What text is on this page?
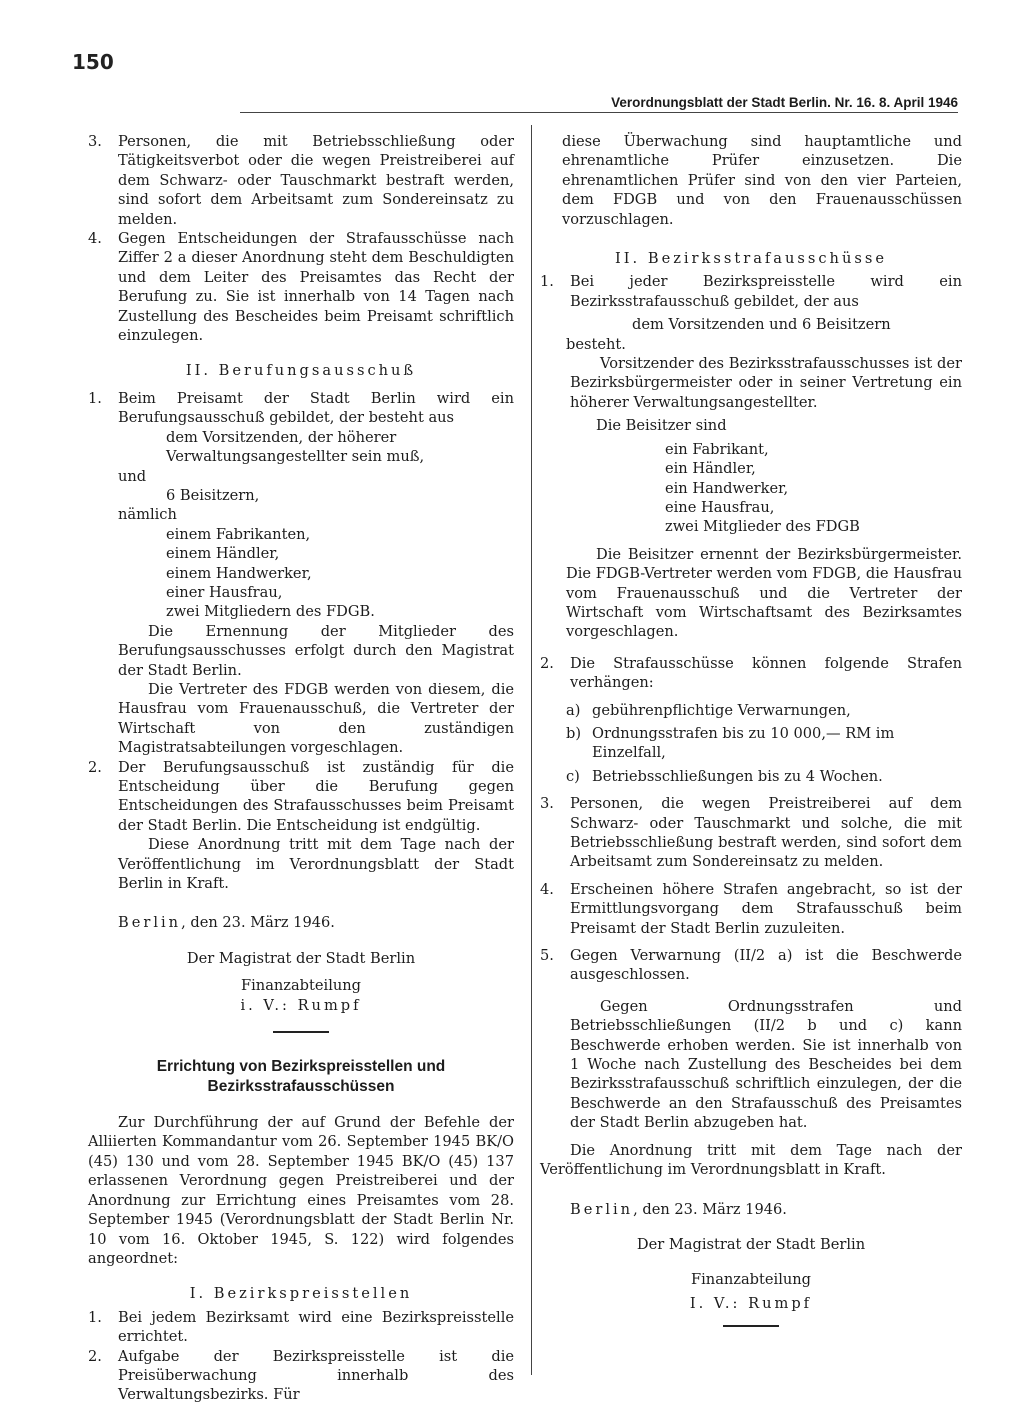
150
Verordnungsblatt der Stadt Berlin. Nr. 16. 8. April 1946
3. Personen, die mit Betriebsschließung oder Tätigkeitsverbot oder die wegen Preistreiberei auf dem Schwarz- oder Tauschmarkt bestraft werden, sind sofort dem Arbeitsamt zum Sondereinsatz zu melden.
4. Gegen Entscheidungen der Strafausschüsse nach Ziffer 2 a dieser Anordnung steht dem Beschuldigten und dem Leiter des Preisamtes das Recht der Berufung zu. Sie ist innerhalb von 14 Tagen nach Zustellung des Bescheides beim Preisamt schriftlich einzulegen.

II. Berufungsausschuß

1. Beim Preisamt der Stadt Berlin wird ein Berufungsausschuß gebildet, der besteht aus

dem Vorsitzenden, der höherer Verwaltungsangestellter sein muß,

und

6 Beisitzern,

nämlich

einem Fabrikanten,

einem Händler,

einem Handwerker,

einer Hausfrau,

zwei Mitgliedern des FDGB.

Die Ernennung der Mitglieder des Berufungsausschusses erfolgt durch den Magistrat der Stadt Berlin.

Die Vertreter des FDGB werden von diesem, die Hausfrau vom Frauenausschuß, die Vertreter der Wirtschaft von den zuständigen Magistratsabteilungen vorgeschlagen.

2. Der Berufungsausschuß ist zuständig für die Entscheidung über die Berufung gegen Entscheidungen des Strafausschusses beim Preisamt der Stadt Berlin. Die Entscheidung ist endgültig.

Diese Anordnung tritt mit dem Tage nach der Veröffentlichung im Verordnungsblatt der Stadt Berlin in Kraft.

Berlin, den 23. März 1946.

Der Magistrat der Stadt Berlin

Finanzabteilung

i. V.: Rumpf

Errichtung von Bezirkspreisstellen und Bezirksstrafausschüssen

Zur Durchführung der auf Grund der Befehle der Alliierten Kommandantur vom 26. September 1945 BK/O (45) 130 und vom 28. September 1945 BK/O (45) 137 erlassenen Verordnung gegen Preistreiberei und der Anordnung zur Errichtung eines Preisamtes vom 28. September 1945 (Verordnungsblatt der Stadt Berlin Nr. 10 vom 16. Oktober 1945, S. 122) wird folgendes angeordnet:

I. Bezirkspreisstellen

1. Bei jedem Bezirksamt wird eine Bezirkspreisstelle errichtet.
2. Aufgabe der Bezirkspreisstelle ist die Preisüberwachung innerhalb des Verwaltungsbezirks. Für

diese Überwachung sind hauptamtliche und ehrenamtliche Prüfer einzusetzen. Die ehrenamtlichen Prüfer sind von den vier Parteien, dem FDGB und von den Frauenausschüssen vorzuschlagen.

II. Bezirksstrafausschüsse

1. Bei jeder Bezirkspreisstelle wird ein Bezirksstrafausschuß gebildet, der aus

dem Vorsitzenden und 6 Beisitzern

besteht.

Vorsitzender des Bezirksstrafausschusses ist der Bezirksbürgermeister oder in seiner Vertretung ein höherer Verwaltungsangestellter.

Die Beisitzer sind

ein Fabrikant,

ein Händler,

ein Handwerker,

eine Hausfrau,

zwei Mitglieder des FDGB

Die Beisitzer ernennt der Bezirksbürgermeister. Die FDGB-Vertreter werden vom FDGB, die Hausfrau vom Frauenausschuß und die Vertreter der Wirtschaft vom Wirtschaftsamt des Bezirksamtes vorgeschlagen.

2. Die Strafausschüsse können folgende Strafen verhängen:

a) gebührenpflichtige Verwarnungen,

b) Ordnungsstrafen bis zu 10 000,— RM im Einzelfall,

c) Betriebsschließungen bis zu 4 Wochen.

3. Personen, die wegen Preistreiberei auf dem Schwarz- oder Tauschmarkt und solche, die mit Betriebsschließung bestraft werden, sind sofort dem Arbeitsamt zum Sondereinsatz zu melden.
4. Erscheinen höhere Strafen angebracht, so ist der Ermittlungsvorgang dem Strafausschuß beim Preisamt der Stadt Berlin zuzuleiten.
5. Gegen Verwarnung (II/2 a) ist die Beschwerde ausgeschlossen.

Gegen Ordnungsstrafen und Betriebsschließungen (II/2 b und c) kann Beschwerde erhoben werden. Sie ist innerhalb von 1 Woche nach Zustellung des Bescheides bei dem Bezirksstrafausschuß schriftlich einzulegen, der die Beschwerde an den Strafausschuß des Preisamtes der Stadt Berlin abzugeben hat.

Die Anordnung tritt mit dem Tage nach der Veröffentlichung im Verordnungsblatt in Kraft.

Berlin, den 23. März 1946.

Der Magistrat der Stadt Berlin

Finanzabteilung

I. V.: Rumpf
